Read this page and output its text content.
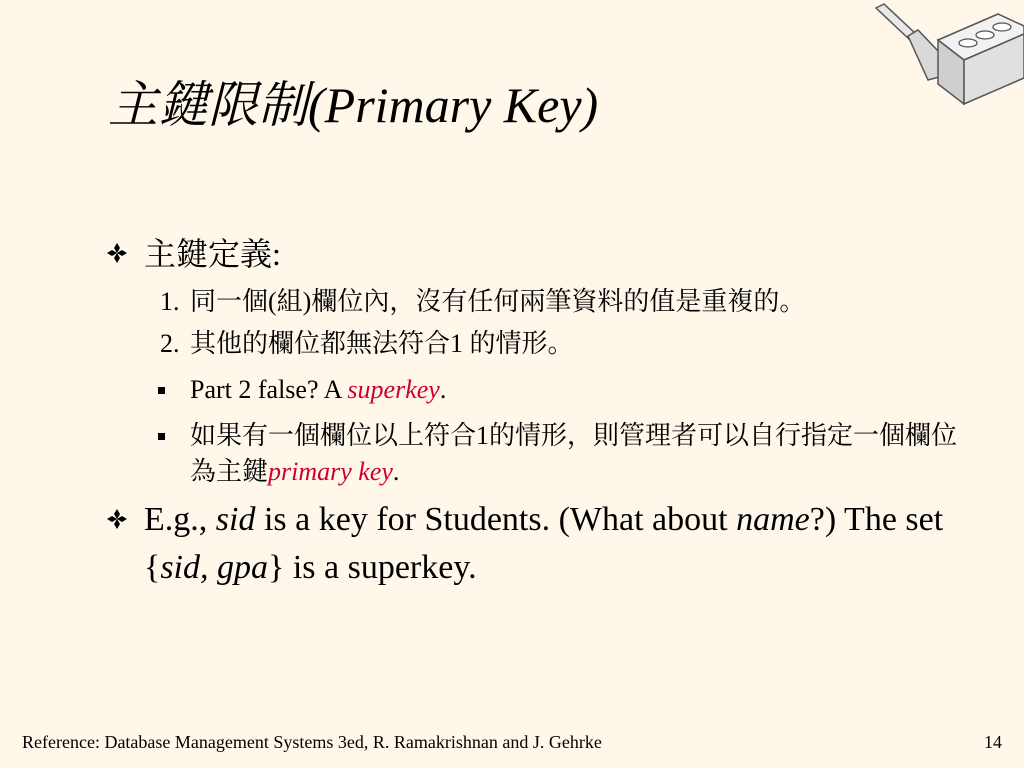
主鍵限制(Primary Key)
主鍵定義:
1. 同一個(組)欄位內，沒有任何兩筆資料的值是重複的。
2. 其他的欄位都無法符合1 的情形。
Part 2 false? A superkey.
如果有一個欄位以上符合1的情形，則管理者可以自行指定一個欄位為主鍵primary key.
E.g., sid is a key for Students. (What about name?) The set {sid, gpa} is a superkey.
Reference: Database Management Systems 3ed, R. Ramakrishnan and J. Gehrke	14
